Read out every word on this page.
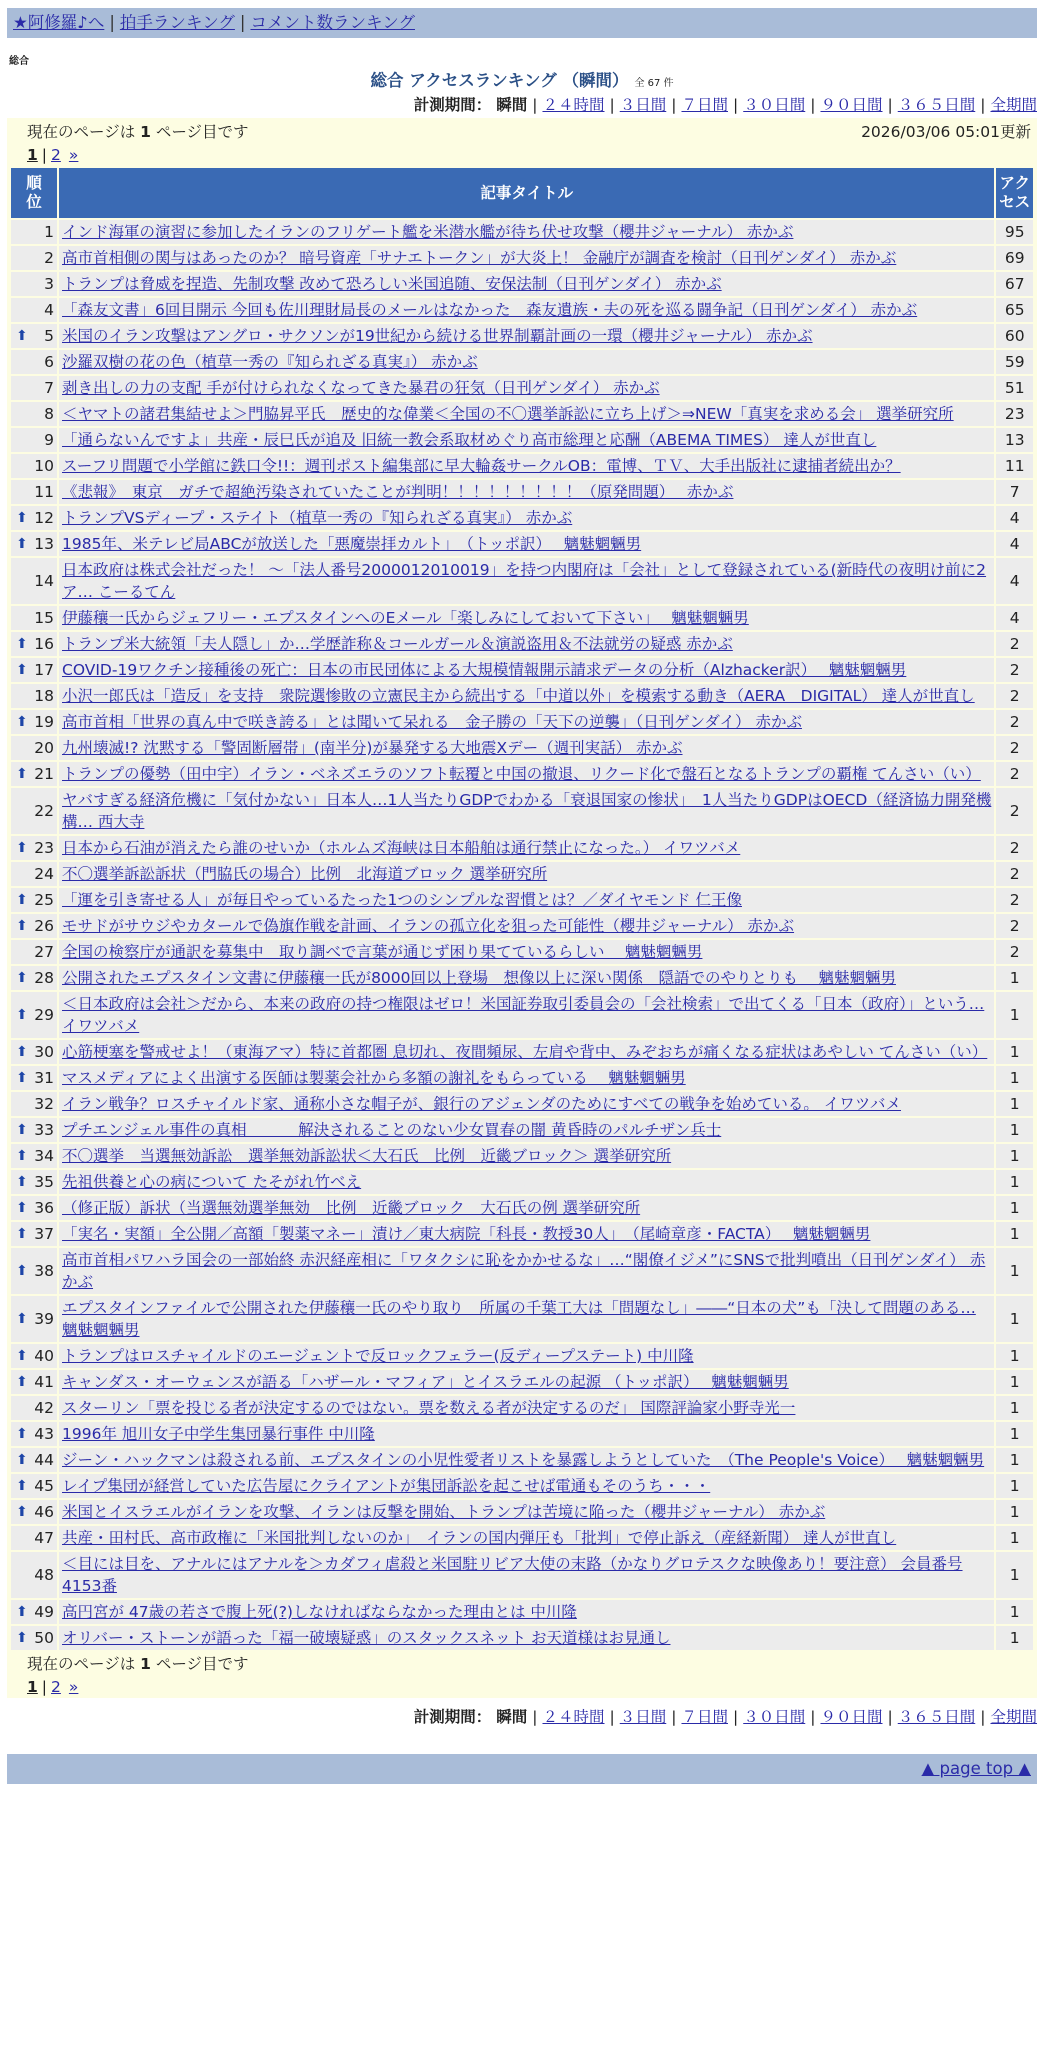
★阿修羅♪へ | 拍手ランキング | コメント数ランキング
総合
総合 アクセスランキング （瞬間） 全 67 件
計測期間： 瞬間 | ２４時間 | ３日間 | ７日間 | ３０日間 | ９０日間 | ３６５日間 | 全期間
現在のページは 1 ページ目です	2026/03/06 05:01更新
1 | 2 »
順位	記事タイトル	アクセス
1	インド海軍の演習に参加したイランのフリゲート艦を米潜水艦が待ち伏せ攻撃（櫻井ジャーナル） 赤かぶ	95
2	高市首相側の関与はあったのか？ 暗号資産「サナエトークン」が大炎上！ 金融庁が調査を検討（日刊ゲンダイ） 赤かぶ	69
3	トランプは脅威を捏造、先制攻撃 改めて恐ろしい米国追随、安保法制（日刊ゲンダイ） 赤かぶ	67
4	「森友文書」6回目開示 今回も佐川理財局長のメールはなかった　森友遺族・夫の死を巡る闘争記（日刊ゲンダイ） 赤かぶ	65

⬆ 5	米国のイラン攻撃はアングロ・サクソンが19世紀から続ける世界制覇計画の一環（櫻井ジャーナル） 赤かぶ	60
6	沙羅双樹の花の色（植草一秀の『知られざる真実』） 赤かぶ	59
7	剥き出しの力の支配 手が付けられなくなってきた暴君の狂気（日刊ゲンダイ） 赤かぶ	51
8	＜ヤマトの諸君集結せよ＞門脇昇平氏　歴史的な偉業＜全国の不〇選挙訴訟に立ち上げ＞⇒NEW「真実を求める会」 選挙研究所	23
9	「通らないんですよ」共産・辰巳氏が追及 旧統一教会系取材めぐり高市総理と応酬（ABEMA TIMES） 達人が世直し	13
10	スーフリ問題で小学館に鉄口令!!：週刊ポスト編集部に早大輪姦サークルOB：電博、ＴＶ、大手出版社に逮捕者続出か？	11
11	《悲報》　東京　ガチで超絶汚染されていたことが判明！！！！！！！！！（原発問題）　 赤かぶ	7

⬆ 12	トランプVSディープ・ステイト（植草一秀の『知られざる真実』） 赤かぶ	4

⬆ 13	1985年、米テレビ局ABCが放送した「悪魔崇拝カルト」　（トッポ訳）　 魑魅魍魎男	4
14	日本政府は株式会社だった！ ～「法人番号2000012010019」を持つ内閣府は「会社」として登録されている(新時代の夜明け前に2ア… こーるてん	4
15	伊藤穰一氏からジェフリー・エプスタインへのEメール「楽しみにしておいて下さい」　 魑魅魍魎男	4

⬆ 16	トランプ米大統領「夫人隠し」か…学歴詐称＆コールガール＆演説盗用＆不法就労の疑惑 赤かぶ	2

⬆ 17	COVID-19ワクチン接種後の死亡：日本の市民団体による大規模情報開示請求データの分析（Alzhacker訳）　 魑魅魍魎男	2
18	小沢一郎氏は「造反」を支持　衆院選惨敗の立憲民主から続出する「中道以外」を模索する動き（AERA　DIGITAL） 達人が世直し	2

⬆ 19	高市首相「世界の真ん中で咲き誇る」とは聞いて呆れる　金子勝の「天下の逆襲」（日刊ゲンダイ） 赤かぶ	2
20	九州壊滅!? 沈黙する「警固断層帯」(南半分)が暴発する大地震Xデー（週刊実話） 赤かぶ	2

⬆ 21	トランプの優勢（田中宇）イラン・ベネズエラのソフト転覆と中国の撤退、リクード化で盤石となるトランプの覇権 てんさい（い）	2
22	ヤバすぎる経済危機に「気付かない」日本人…1人当たりGDPでわかる「衰退国家の惨状」　1人当たりGDPはOECD（経済協力開発機構… 西大寺	2

⬆ 23	日本から石油が消えたら誰のせいか（ホルムズ海峡は日本船舶は通行禁止になった。） イワツバメ	2
24	不〇選挙訴訟訴状（門脇氏の場合）比例　北海道ブロック 選挙研究所	2

⬆ 25	「運を引き寄せる人」が毎日やっているたった1つのシンプルな習慣とは？／ダイヤモンド 仁王像	2

⬆ 26	モサドがサウジやカタールで偽旗作戦を計画、イランの孤立化を狙った可能性（櫻井ジャーナル） 赤かぶ	2
27	全国の検察庁が通訳を募集中　取り調べで言葉が通じず困り果てているらしい　 魑魅魍魎男	2

⬆ 28	公開されたエプスタイン文書に伊藤穰一氏が8000回以上登場　想像以上に深い関係　隠語でのやりとりも　 魑魅魍魎男	1

⬆ 29	＜日本政府は会社＞だから、本来の政府の持つ権限はゼロ！米国証券取引委員会の「会社検索」で出てくる「日本（政府）」という… イワツバメ	1

⬆ 30	心筋梗塞を警戒せよ！（東海アマ）特に首都圏 息切れ、夜間頻尿、左肩や背中、みぞおちが痛くなる症状はあやしい てんさい（い）	1

⬆ 31	マスメディアによく出演する医師は製薬会社から多額の謝礼をもらっている　 魑魅魍魎男	1
32	イラン戦争？ロスチャイルド家、通称小さな帽子が、銀行のアジェンダのためにすべての戦争を始めている。 イワツバメ	1

⬆ 33	プチエンジェル事件の真相　　　 解決されることのない少女買春の闇 黄昏時のパルチザン兵士	1

⬆ 34	不〇選挙　当選無効訴訟　選挙無効訴訟状＜大石氏　比例　近畿ブロック＞ 選挙研究所	1

⬆ 35	先祖供養と心の病について たそがれ竹べえ	1

⬆ 36	（修正版）訴状（当選無効選挙無効　比例　近畿ブロック　大石氏の例 選挙研究所	1

⬆ 37	「実名・実額」全公開／高額「製薬マネー」漬け／東大病院「科長・教授30人」　（尾崎章彦・FACTA）　 魑魅魍魎男	1

⬆ 38	高市首相パワハラ国会の一部始終 赤沢経産相に「ワタクシに恥をかかせるな」…“閣僚イジメ”にSNSで批判噴出（日刊ゲンダイ） 赤かぶ	1

⬆ 39	エプスタインファイルで公開された伊藤穰一氏のやり取り　所属の千葉工大は「問題なし」――“日本の犬”も「決して問題のある… 魑魅魍魎男	1

⬆ 40	トランプはロスチャイルドのエージェントで反ロックフェラー(反ディープステート) 中川隆	1

⬆ 41	キャンダス・オーウェンスが語る「ハザール・マフィア」とイスラエルの起源 （トッポ訳）　 魑魅魍魎男	1
42	スターリン「票を投じる者が決定するのではない。票を数える者が決定するのだ」 国際評論家小野寺光一	1

⬆ 43	1996年 旭川女子中学生集団暴行事件 中川隆	1

⬆ 44	ジーン・ハックマンは殺される前、エプスタインの小児性愛者リストを暴露しようとしていた　（The People's Voice）　 魑魅魍魎男	1

⬆ 45	レイプ集団が経営していた広告屋にクライアントが集団訴訟を起こせば電通もそのうち・・・	1

⬆ 46	米国とイスラエルがイランを攻撃、イランは反撃を開始、トランプは苦境に陥った（櫻井ジャーナル） 赤かぶ	1
47	共産・田村氏、高市政権に「米国批判しないのか」　イランの国内弾圧も「批判」で停止訴え（産経新聞） 達人が世直し	1
48	＜目には目を、アナルにはアナルを＞カダフィ虐殺と米国駐リビア大使の末路（かなりグロテスクな映像あり！要注意） 会員番号4153番	1

⬆ 49	高円宮が 47歳の若さで腹上死(?)しなければならなかった理由とは 中川隆	1

⬆ 50	オリバー・ストーンが語った「福一破壊疑惑」のスタックスネット お天道様はお見通し	1
現在のページは 1 ページ目です
1 | 2 »
計測期間： 瞬間 | ２４時間 | ３日間 | ７日間 | ３０日間 | ９０日間 | ３６５日間 | 全期間
▲ page top ▲
